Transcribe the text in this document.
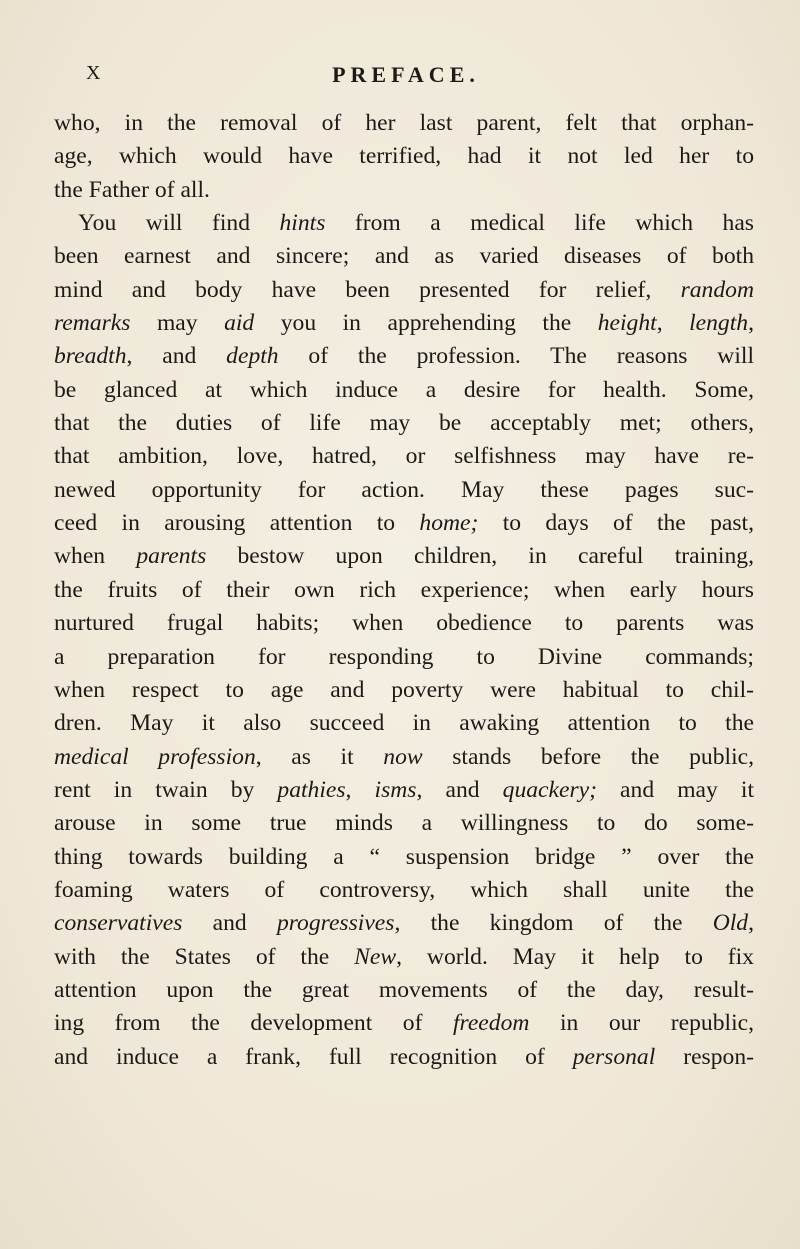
X	PREFACE.
who, in the removal of her last parent, felt that orphan-
age, which would have terrified, had it not led her to
the Father of all.
You will find hints from a medical life which has
been earnest and sincere; and as varied diseases of both
mind and body have been presented for relief, random
remarks may aid you in apprehending the height, length,
breadth, and depth of the profession. The reasons will
be glanced at which induce a desire for health. Some,
that the duties of life may be acceptably met; others,
that ambition, love, hatred, or selfishness may have re-
newed opportunity for action. May these pages suc-
ceed in arousing attention to home; to days of the past,
when parents bestow upon children, in careful training,
the fruits of their own rich experience; when early hours
nurtured frugal habits; when obedience to parents was
a preparation for responding to Divine commands;
when respect to age and poverty were habitual to chil-
dren. May it also succeed in awaking attention to the
medical profession, as it now stands before the public,
rent in twain by pathies, isms, and quackery; and may it
arouse in some true minds a willingness to do some-
thing towards building a “ suspension bridge ” over the
foaming waters of controversy, which shall unite the
conservatives and progressives, the kingdom of the Old,
with the States of the New, world. May it help to fix
attention upon the great movements of the day, result-
ing from the development of freedom in our republic,
and induce a frank, full recognition of personal respon-
